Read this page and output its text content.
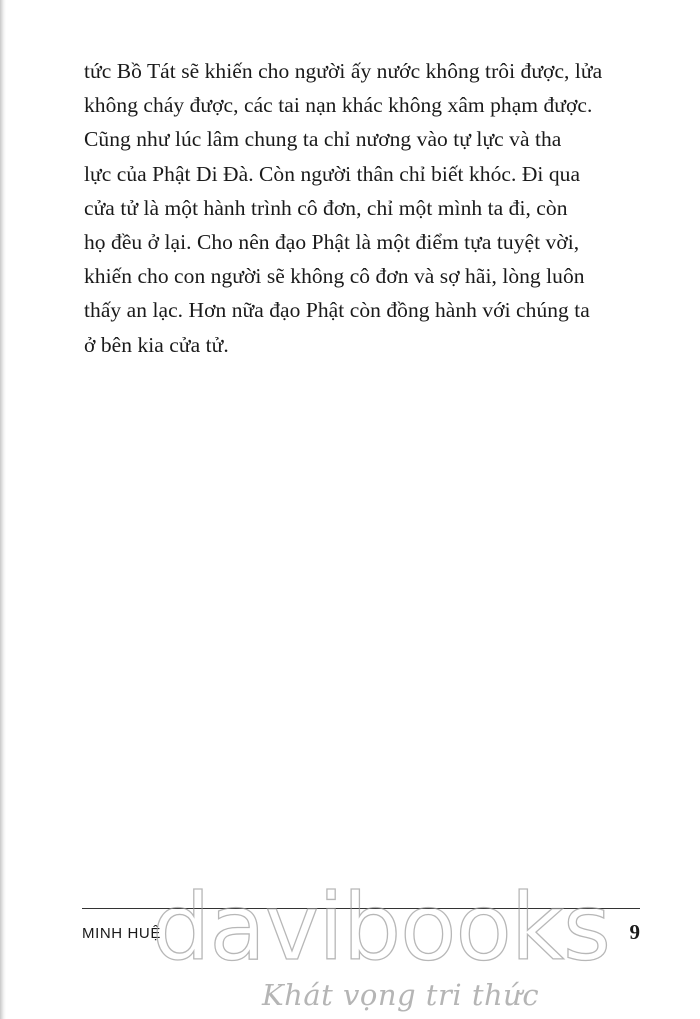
tức Bồ Tát sẽ khiến cho người ấy nước không trôi được, lửa
không cháy được, các tai nạn khác không xâm phạm được.
Cũng như lúc lâm chung ta chỉ nương vào tự lực và tha
lực của Phật Di Đà. Còn người thân chỉ biết khóc. Đi qua
cửa tử là một hành trình cô đơn, chỉ một mình ta đi, còn
họ đều ở lại. Cho nên đạo Phật là một điểm tựa tuyệt vời,
khiến cho con người sẽ không cô đơn và sợ hãi, lòng luôn
thấy an lạc. Hơn nữa đạo Phật còn đồng hành với chúng ta
ở bên kia cửa tử.
MINH HUỆ	9
davibooks
Khát vọng tri thức
